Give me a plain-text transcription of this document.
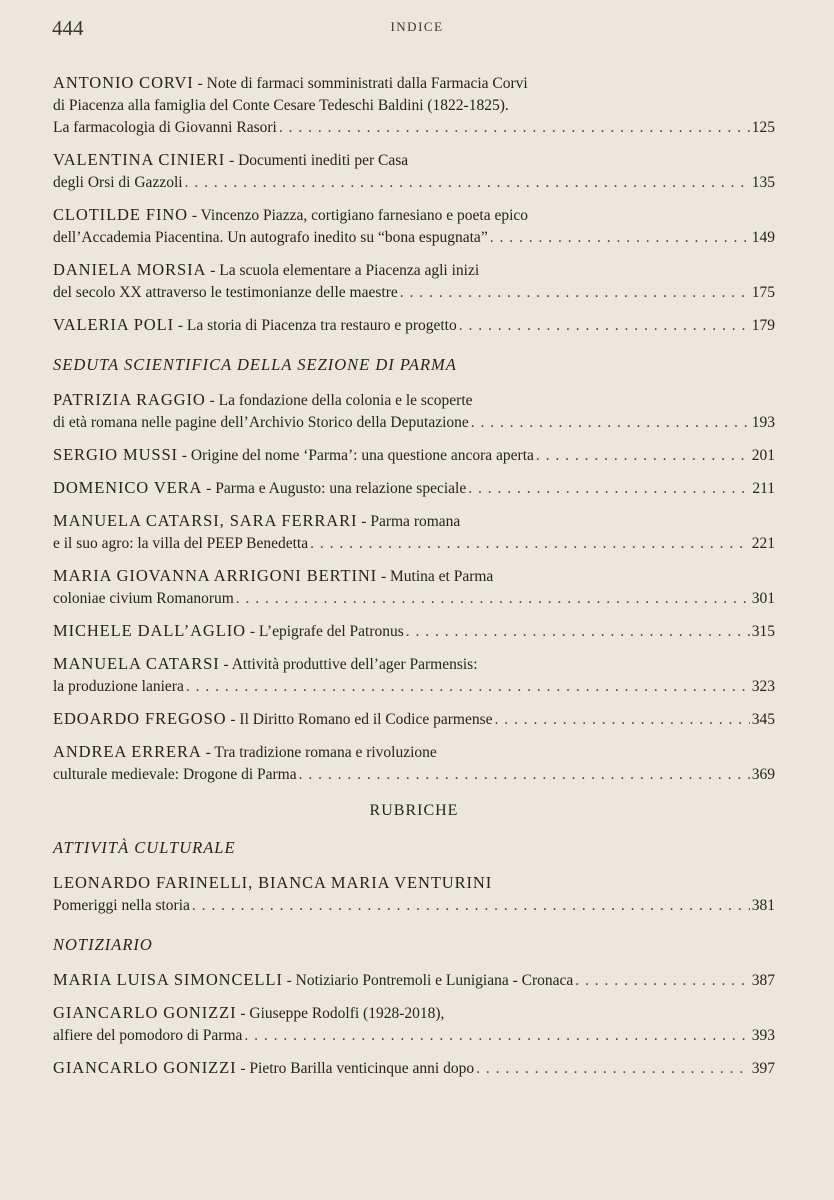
444	INDICE
ANTONIO CORVI - Note di farmaci somministrati dalla Farmacia Corvi
di Piacenza alla famiglia del Conte Cesare Tedeschi Baldini (1822-1825).
La farmacologia di Giovanni Rasori . . .	125
VALENTINA CINIERI - Documenti inediti per Casa
degli Orsi di Gazzoli . . .	135
CLOTILDE FINO - Vincenzo Piazza, cortigiano farnesiano e poeta epico
dell’Accademia Piacentina. Un autografo inedito su “bona espugnata” . . .	149
DANIELA MORSIA - La scuola elementare a Piacenza agli inizi
del secolo XX attraverso le testimonianze delle maestre . . .	175
VALERIA POLI - La storia di Piacenza tra restauro e progetto . . .	179
SEDUTA SCIENTIFICA DELLA SEZIONE DI PARMA
PATRIZIA RAGGIO - La fondazione della colonia e le scoperte
di età romana nelle pagine dell’Archivio Storico della Deputazione . . .	193
SERGIO MUSSI - Origine del nome ‘Parma’: una questione ancora aperta . . .	201
DOMENICO VERA - Parma e Augusto: una relazione speciale . . .	211
MANUELA CATARSI, SARA FERRARI - Parma romana
e il suo agro: la villa del PEEP Benedetta . . .	221
MARIA GIOVANNA ARRIGONI BERTINI - Mutina et Parma
coloniae civium Romanorum . . .	301
MICHELE DALL’AGLIO - L’epigrafe del Patronus . . .	315
MANUELA CATARSI - Attività produttive dell’ager Parmensis:
la produzione laniera . . .	323
EDOARDO FREGOSO - Il Diritto Romano ed il Codice parmense . . .	345
ANDREA ERRERA - Tra tradizione romana e rivoluzione
culturale medievale: Drogone di Parma . . .	369
RUBRICHE
ATTIVITÀ CULTURALE
LEONARDO FARINELLI, BIANCA MARIA VENTURINI
Pomeriggi nella storia . . .	381
NOTIZIARIO
MARIA LUISA SIMONCELLI - Notiziario Pontremoli e Lunigiana - Cronaca . . .	387
GIANCARLO GONIZZI - Giuseppe Rodolfi (1928-2018),
alfiere del pomodoro di Parma . . .	393
GIANCARLO GONIZZI - Pietro Barilla venticinque anni dopo . . .	397
